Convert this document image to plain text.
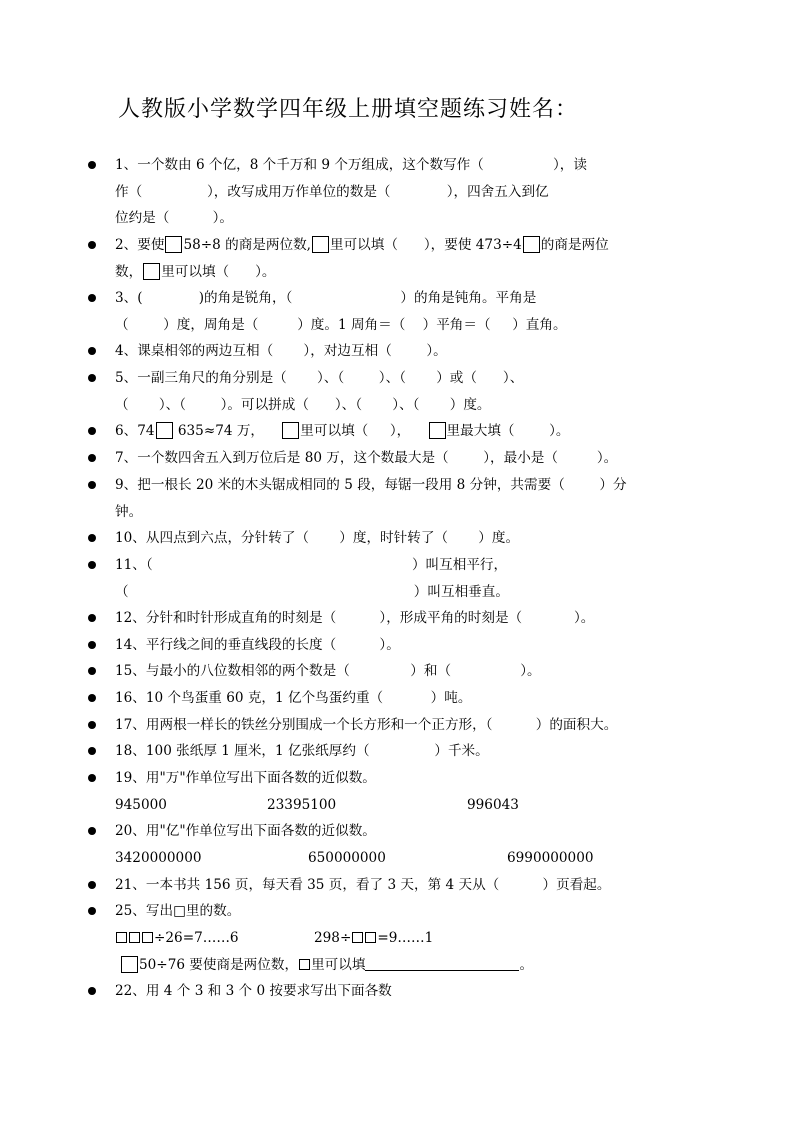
人教版小学数学四年级上册填空题练习姓名：
1、一个数由 6 个亿，8 个千万和 9 个万组成，这个数写作（                ），读
作（               ），改写成用万作单位的数是（             ），四舍五入到亿
位约是（          ）。
2、要使 58÷8 的商是两位数, 里可以填（      ），要使 473÷4 的商是两位
数， 里可以填（      ）。
3、(             )的角是锐角，（                         ）的角是钝角。平角是
（        ）度，周角是（         ）度。1 周角＝（    ）平角＝（     ）直角。
4、课桌相邻的两边互相（       ），对边互相（        ）。
5、一副三角尺的角分别是（       ）、（        ）、（       ）或（      ）、
（       ）、（        ）。可以拼成（      ）、（       ）、（       ）度。
6、74 635≈74 万，    里可以填（     ），    里最大填（        ）。
7、一个数四舍五入到万位后是 80 万，这个数最大是（        ），最小是（         ）。
9、把一根长 20 米的木头锯成相同的 5 段，每锯一段用 8 分钟，共需要（        ）分
钟。
10、从四点到六点，分针转了（       ）度，时针转了（       ）度。
11、（                                                            ）叫互相平行，
（                                                                  ）叫互相垂直。
12、分针和时针形成直角的时刻是（          ），形成平角的时刻是（            ）。
14、平行线之间的垂直线段的长度（          ）。
15、与最小的八位数相邻的两个数是（              ）和（                ）。
16、10 个鸟蛋重 60 克，1 亿个鸟蛋约重（           ）吨。
17、用两根一样长的铁丝分别围成一个长方形和一个正方形，（          ）的面积大。
18、100 张纸厚 1 厘米，1 亿张纸厚约（               ）千米。
19、用"万"作单位写出下面各数的近似数。
945000	23395100	996043
20、用"亿"作单位写出下面各数的近似数。
3420000000	650000000	6990000000
21、一本书共 156 页，每天看 35 页，看了 3 天，第 4 天从（          ）页看起。
25、写出□里的数。
÷26=7……6	298÷ =9……1
50÷76 要使商是两位数， 里可以填	。
22、用 4 个 3 和 3 个 0 按要求写出下面各数
